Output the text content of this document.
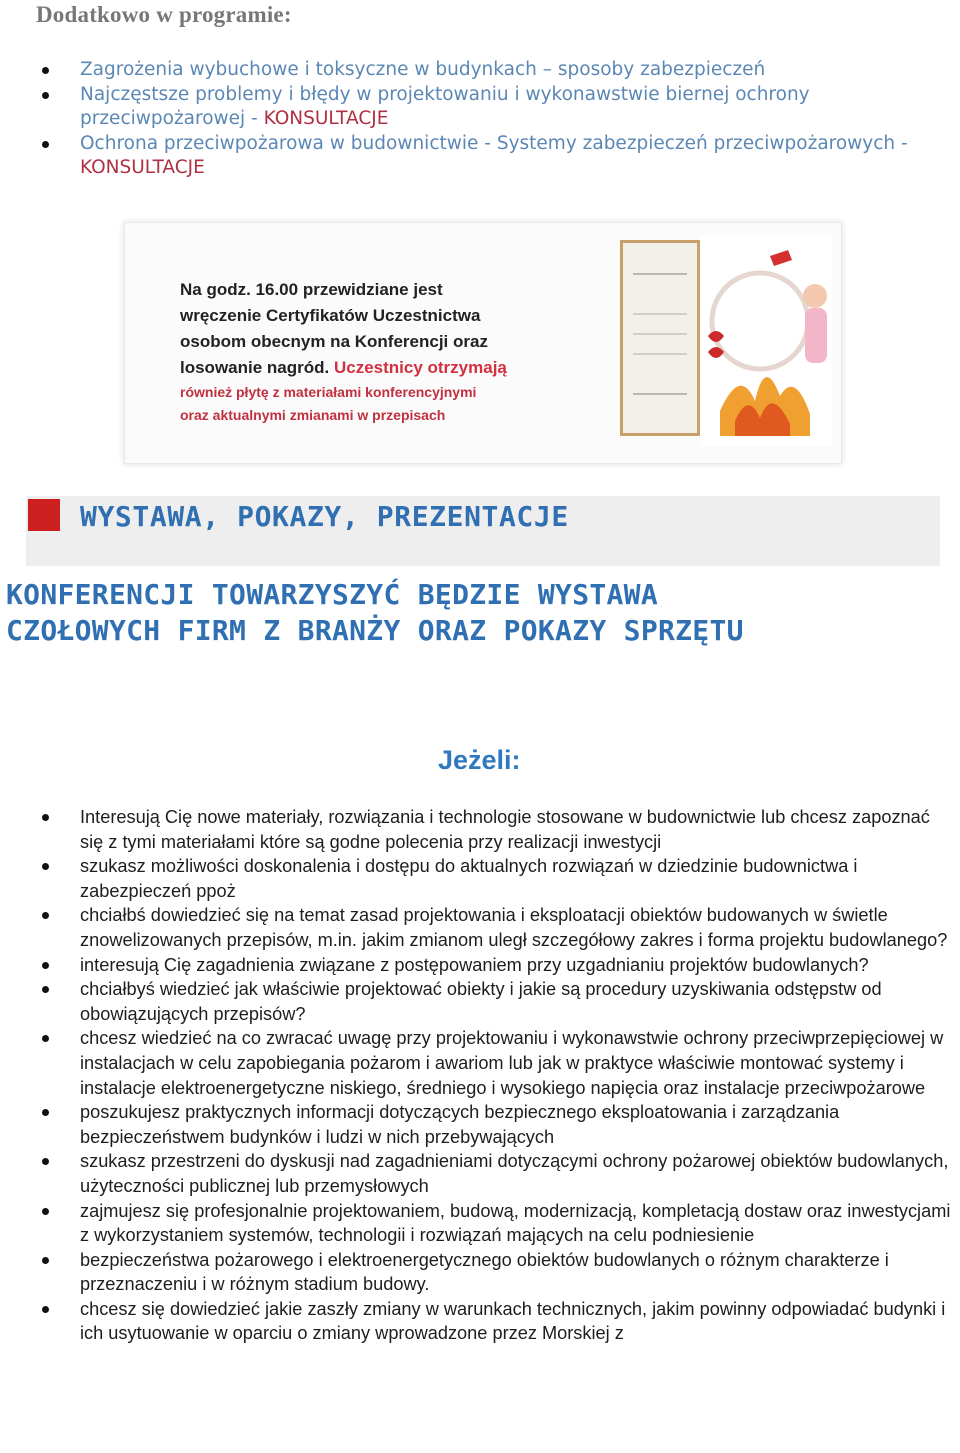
Dodatkowo w programie:
Zagrożenia wybuchowe i toksyczne w budynkach – sposoby zabezpieczeń
Najczęstsze problemy i błędy w projektowaniu i wykonawstwie biernej ochrony przeciwpożarowej - KONSULTACJE
Ochrona przeciwpożarowa w budownictwie - Systemy zabezpieczeń przeciwpożarowych - KONSULTACJE
Na godz. 16.00 przewidziane jest
wręczenie Certyfikatów Uczestnictwa
osobom obecnym na Konferencji oraz
losowanie nagród. Uczestnicy otrzymają
również płytę z materiałami konferencyjnymi
oraz aktualnymi zmianami w przepisach
WYSTAWA, POKAZY, PREZENTACJE
KONFERENCJI TOWARZYSZYĆ BĘDZIE WYSTAWA
CZOŁOWYCH FIRM Z BRANŻY ORAZ POKAZY SPRZĘTU
Jeżeli:
Interesują Cię nowe materiały, rozwiązania i technologie stosowane w budownictwie lub chcesz zapoznać się z tymi materiałami które są godne polecenia przy realizacji inwestycji
szukasz możliwości doskonalenia i dostępu do aktualnych rozwiązań w dziedzinie budownictwa i zabezpieczeń ppoż
chciałbś dowiedzieć się na temat zasad projektowania i eksploatacji obiektów budowanych w świetle znowelizowanych przepisów, m.in. jakim zmianom uległ szczegółowy zakres i forma projektu budowlanego?
interesują Cię zagadnienia związane z postępowaniem przy uzgadnianiu projektów budowlanych?
chciałbyś wiedzieć jak właściwie projektować obiekty i jakie są procedury uzyskiwania odstępstw od obowiązujących przepisów?
chcesz wiedzieć na co zwracać uwagę przy projektowaniu i wykonawstwie ochrony przeciwprzepięciowej w instalacjach w celu zapobiegania pożarom i awariom lub jak w praktyce właściwie montować systemy i instalacje elektroenergetyczne niskiego, średniego i wysokiego napięcia oraz instalacje przeciwpożarowe
poszukujesz praktycznych informacji dotyczących bezpiecznego eksploatowania i zarządzania bezpieczeństwem budynków i ludzi w nich przebywających
szukasz przestrzeni do dyskusji nad zagadnieniami dotyczącymi ochrony pożarowej obiektów budowlanych, użyteczności publicznej lub przemysłowych
zajmujesz się profesjonalnie projektowaniem, budową, modernizacją, kompletacją dostaw oraz inwestycjami z wykorzystaniem systemów, technologii i rozwiązań mających na celu podniesienie
bezpieczeństwa pożarowego i elektroenergetycznego obiektów budowlanych o różnym charakterze i przeznaczeniu i w różnym stadium budowy.
chcesz się dowiedzieć jakie zaszły zmiany w warunkach technicznych, jakim powinny odpowiadać budynki i ich usytuowanie w oparciu o zmiany wprowadzone przez Morskiej z
